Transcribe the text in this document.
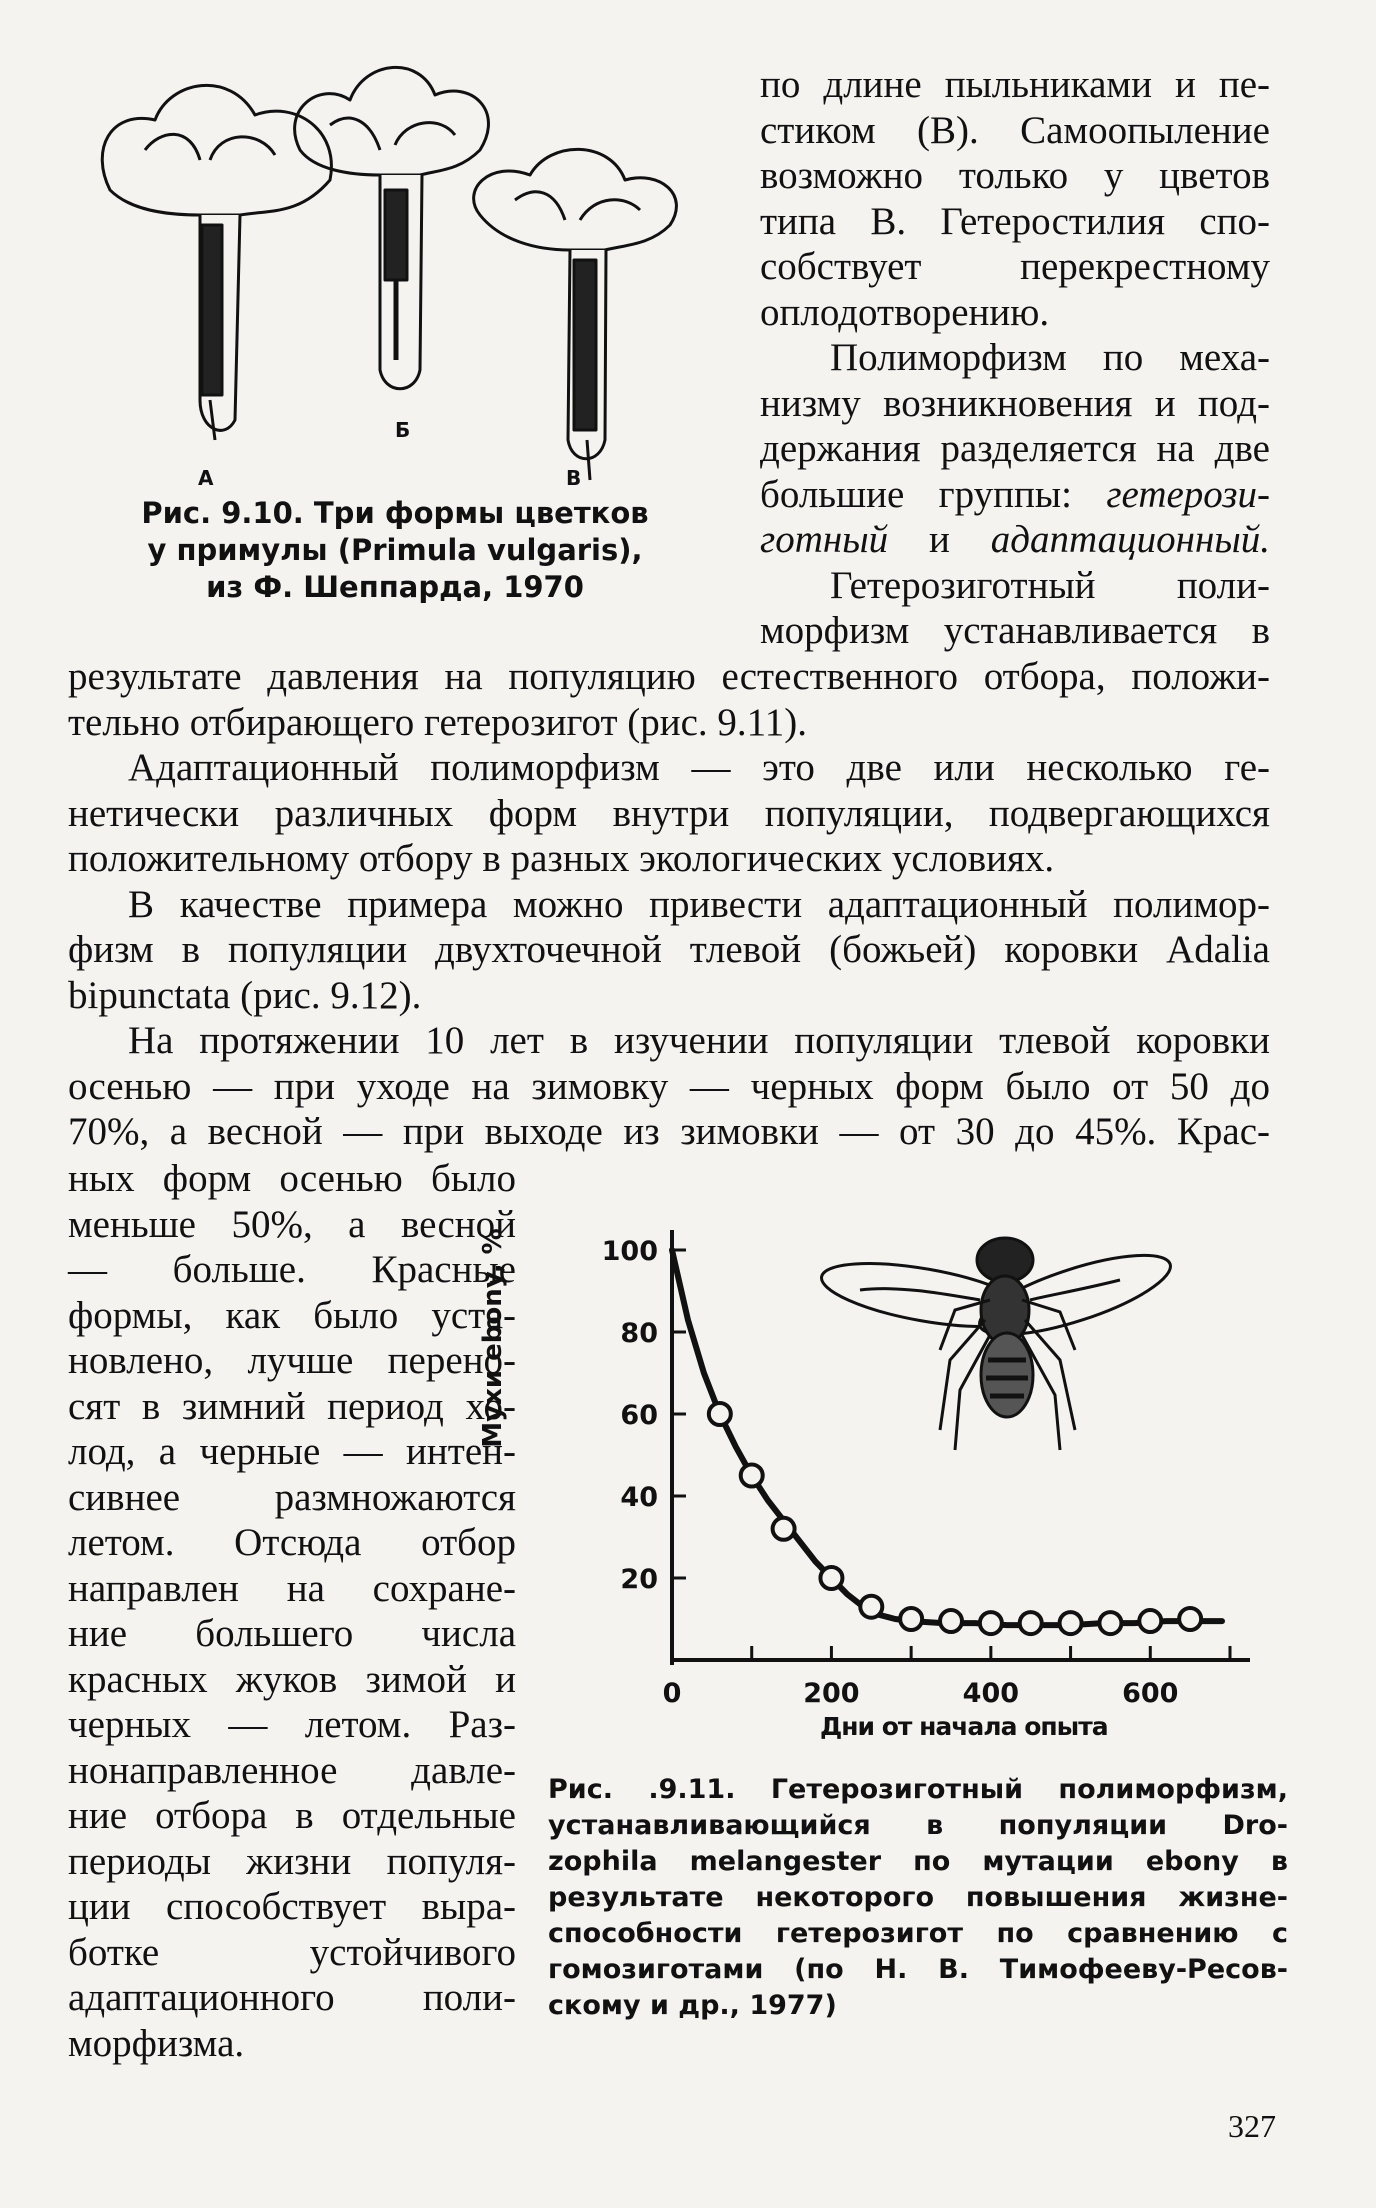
А
Б
В
Рис. 9.10. Три формы цветков
у примулы (Primula vulgaris),
из Ф. Шеппарда, 1970
по длине пыльниками и пе-
стиком (В). Самоопыление
возможно только у цветов
типа В. Гетеростилия спо-
собствует перекрестному
оплодотворению.
Полиморфизм по меха-
низму возникновения и под-
держания разделяется на две
большие группы: гетерози-
готный и адаптационный.
Гетерозиготный поли-
морфизм устанавливается в
результате давления на популяцию естественного отбора, положи-
тельно отбирающего гетерозигот (рис. 9.11).
Адаптационный полиморфизм — это две или несколько ге-
нетически различных форм внутри популяции, подвергающихся
положительному отбору в разных экологических условиях.
В качестве примера можно привести адаптационный полимор-
физм в популяции двухточечной тлевой (божьей) коровки Adalia
bipunctata (рис. 9.12).
На протяжении 10 лет в изучении популяции тлевой коровки
осенью — при уходе на зимовку — черных форм было от 50 до
70%, а весной — при выходе из зимовки — от 30 до 45%. Крас-
ных форм осенью было
меньше 50%, а весной
— больше. Красные
формы, как было уста-
новлено, лучше перено-
сят в зимний период хо-
лод, а черные — интен-
сивнее размножаются
летом. Отсюда отбор
направлен на сохране-
ние большего числа
красных жуков зимой и
черных — летом. Раз-
нонаправленное давле-
ние отбора в отдельные
периоды жизни популя-
ции способствует выра-
ботке устойчивого
адаптационного поли-
морфизма.
20
40
60
80
100
0	200	400	600
Мухи ebony, %
Дни от начала опыта
Рис. .9.11. Гетерозиготный полиморфизм,
устанавливающийся в популяции Dro-
zophila melangester по мутации ebony в
результате некоторого повышения жизне-
способности гетерозигот по сравнению с
гомозиготами (по Н. В. Тимофееву-Ресов-
скому и др., 1977)
327
